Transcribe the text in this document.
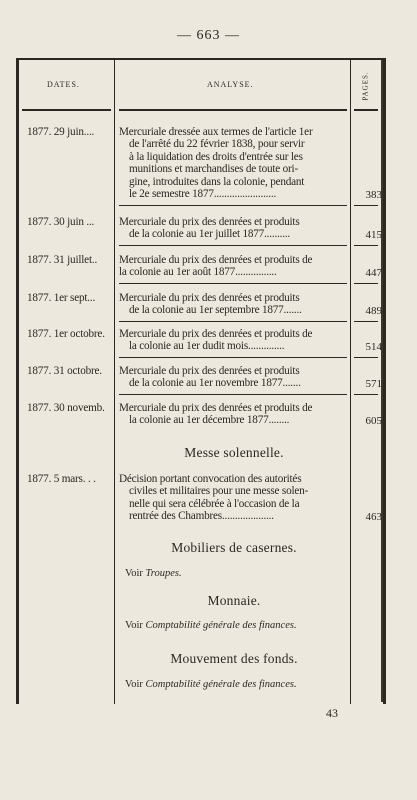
— 663 —
DATES.	ANALYSE.	PAGES.
1877. 29 juin....	Mercuriale dressée aux termes de l'article 1er
de l'arrêté du 22 février 1838, pour servir
à la liquidation des droits d'entrée sur les
munitions et marchandises de toute ori-
gine, introduites dans la colonie, pendant
le 2e semestre 1877........................	383
1877. 30 juin ...	Mercuriale du prix des denrées et produits
de la colonie au 1er juillet 1877..........	415
1877. 31 juillet..	Mercuriale du prix des denrées et produits de
la colonie au 1er août 1877................	447
1877. 1er sept...	Mercuriale du prix des denrées et produits
de la colonie au 1er septembre 1877.......	489
1877. 1er octobre.	Mercuriale du prix des denrées et produits de
la colonie au 1er dudit mois..............	514
1877. 31 octobre.	Mercuriale du prix des denrées et produits
de la colonie au 1er novembre 1877.......	571
1877. 30 novemb.	Mercuriale du prix des denrées et produits de
la colonie au 1er décembre 1877........	605
Messe solennelle.
1877. 5 mars. . .	Décision portant convocation des autorités
civiles et militaires pour une messe solen-
nelle qui sera célébrée à l'occasion de la
rentrée des Chambres....................	463
Mobiliers de casernes.
Voir Troupes.
Monnaie.
Voir Comptabilité générale des finances.
Mouvement des fonds.
Voir Comptabilité générale des finances.
43
